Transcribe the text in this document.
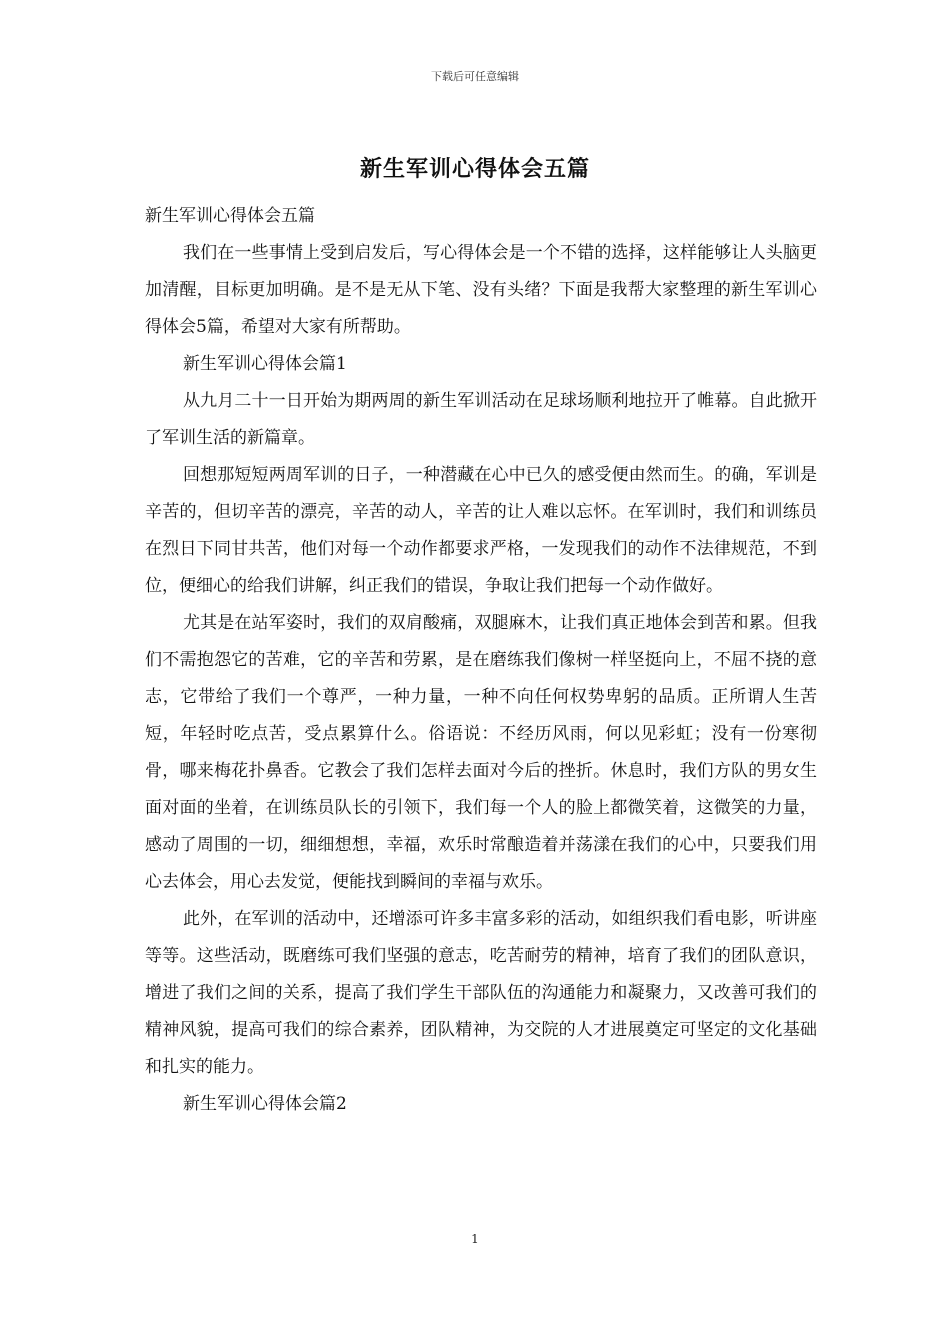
下载后可任意编辑
新生军训心得体会五篇

新生军训心得体会五篇

我们在一些事情上受到启发后，写心得体会是一个不错的选择，这样能够让人头脑更加清醒，目标更加明确。是不是无从下笔、没有头绪？下面是我帮大家整理的新生军训心得体会5篇，希望对大家有所帮助。

新生军训心得体会篇1

从九月二十一日开始为期两周的新生军训活动在足球场顺利地拉开了帷幕。自此掀开了军训生活的新篇章。

回想那短短两周军训的日子，一种潜藏在心中已久的感受便由然而生。的确，军训是辛苦的，但切辛苦的漂亮，辛苦的动人，辛苦的让人难以忘怀。在军训时，我们和训练员在烈日下同甘共苦，他们对每一个动作都要求严格，一发现我们的动作不法律规范，不到位，便细心的给我们讲解，纠正我们的错误，争取让我们把每一个动作做好。

尤其是在站军姿时，我们的双肩酸痛，双腿麻木，让我们真正地体会到苦和累。但我们不需抱怨它的苦难，它的辛苦和劳累，是在磨练我们像树一样坚挺向上，不屈不挠的意志，它带给了我们一个尊严，一种力量，一种不向任何权势卑躬的品质。正所谓人生苦短，年轻时吃点苦，受点累算什么。俗语说：不经历风雨，何以见彩虹；没有一份寒彻骨，哪来梅花扑鼻香。它教会了我们怎样去面对今后的挫折。休息时，我们方队的男女生面对面的坐着，在训练员队长的引领下，我们每一个人的脸上都微笑着，这微笑的力量，感动了周围的一切，细细想想，幸福，欢乐时常酿造着并荡漾在我们的心中，只要我们用心去体会，用心去发觉，便能找到瞬间的幸福与欢乐。

此外，在军训的活动中，还增添可许多丰富多彩的活动，如组织我们看电影，听讲座等等。这些活动，既磨练可我们坚强的意志，吃苦耐劳的精神，培育了我们的团队意识，增进了我们之间的关系，提高了我们学生干部队伍的沟通能力和凝聚力，又改善可我们的精神风貌，提高可我们的综合素养，团队精神，为交院的人才进展奠定可坚定的文化基础和扎实的能力。

新生军训心得体会篇2

1
